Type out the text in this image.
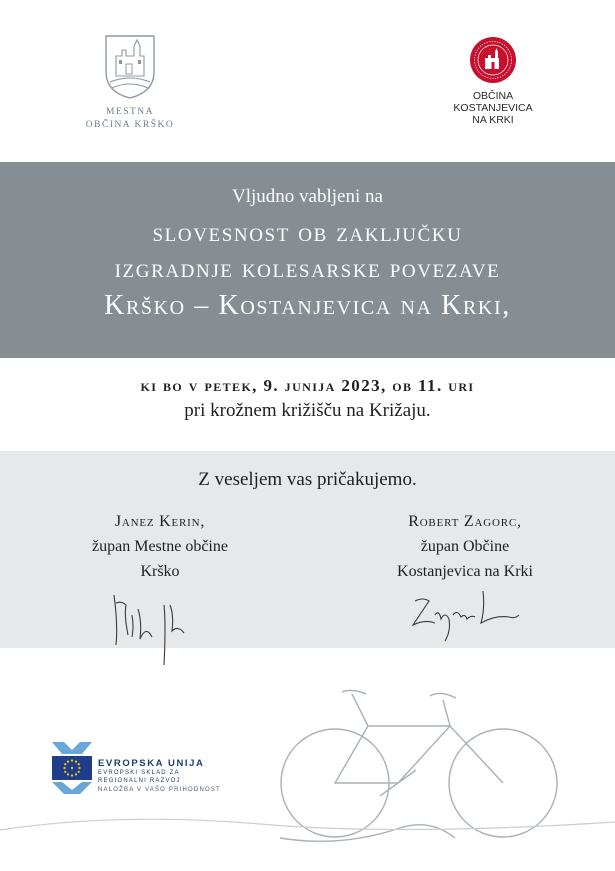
MESTNA
OBČINA KRŠKO
OBČINA
KOSTANJEVICA
NA KRKI
Vljudno vabljeni na
slovesnost ob zaključku
izgradnje kolesarske povezave
Krško – Kostanjevica na Krki,
ki bo v petek, 9. junija 2023, ob 11. uri
pri krožnem križišču na Križaju.
Z veseljem vas pričakujemo.
Janez Kerin,
župan Mestne občine
Krško
Robert Zagorc,
župan Občine
Kostanjevica na Krki
EVROPSKA UNIJA
EVROPSKI SKLAD ZA
REGIONALNI RAZVOJ
NALOŽBA V VAŠO PRIHODNOST
